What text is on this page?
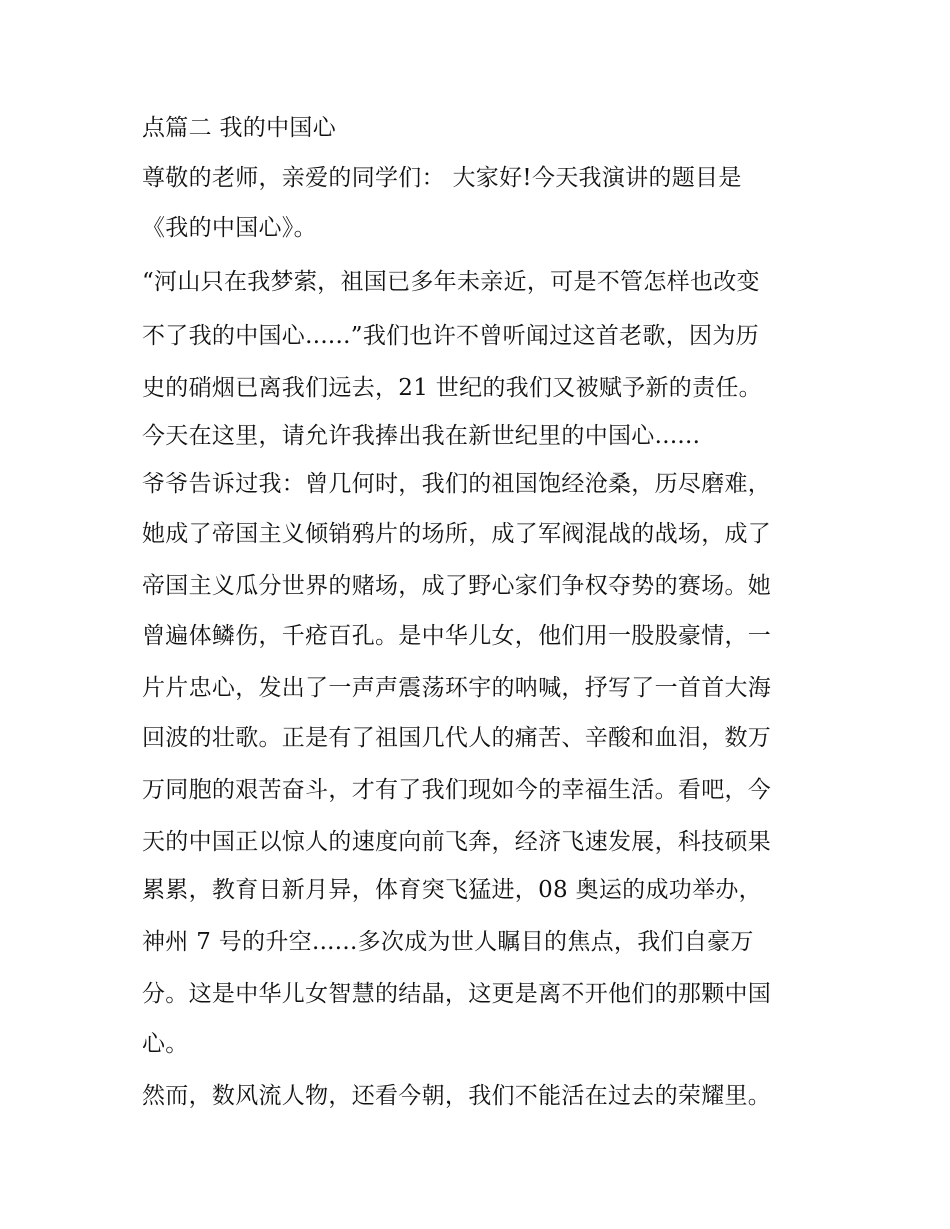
点篇二 我的中国心
尊敬的老师，亲爱的同学们： 大家好!今天我演讲的题目是
《我的中国心》。
“河山只在我梦萦，祖国已多年未亲近，可是不管怎样也改变
不了我的中国心......”我们也许不曾听闻过这首老歌，因为历
史的硝烟已离我们远去，21 世纪的我们又被赋予新的责任。
今天在这里，请允许我捧出我在新世纪里的中国心......
爷爷告诉过我：曾几何时，我们的祖国饱经沧桑，历尽磨难，
她成了帝国主义倾销鸦片的场所，成了军阀混战的战场，成了
帝国主义瓜分世界的赌场，成了野心家们争权夺势的赛场。她
曾遍体鳞伤，千疮百孔。是中华儿女，他们用一股股豪情，一
片片忠心，发出了一声声震荡环宇的呐喊，抒写了一首首大海
回波的壮歌。正是有了祖国几代人的痛苦、辛酸和血泪，数万
万同胞的艰苦奋斗，才有了我们现如今的幸福生活。看吧，今
天的中国正以惊人的速度向前飞奔，经济飞速发展，科技硕果
累累，教育日新月异，体育突飞猛进，08 奥运的成功举办，
神州 7 号的升空......多次成为世人瞩目的焦点，我们自豪万
分。这是中华儿女智慧的结晶，这更是离不开他们的那颗中国
心。
然而，数风流人物，还看今朝，我们不能活在过去的荣耀里。
